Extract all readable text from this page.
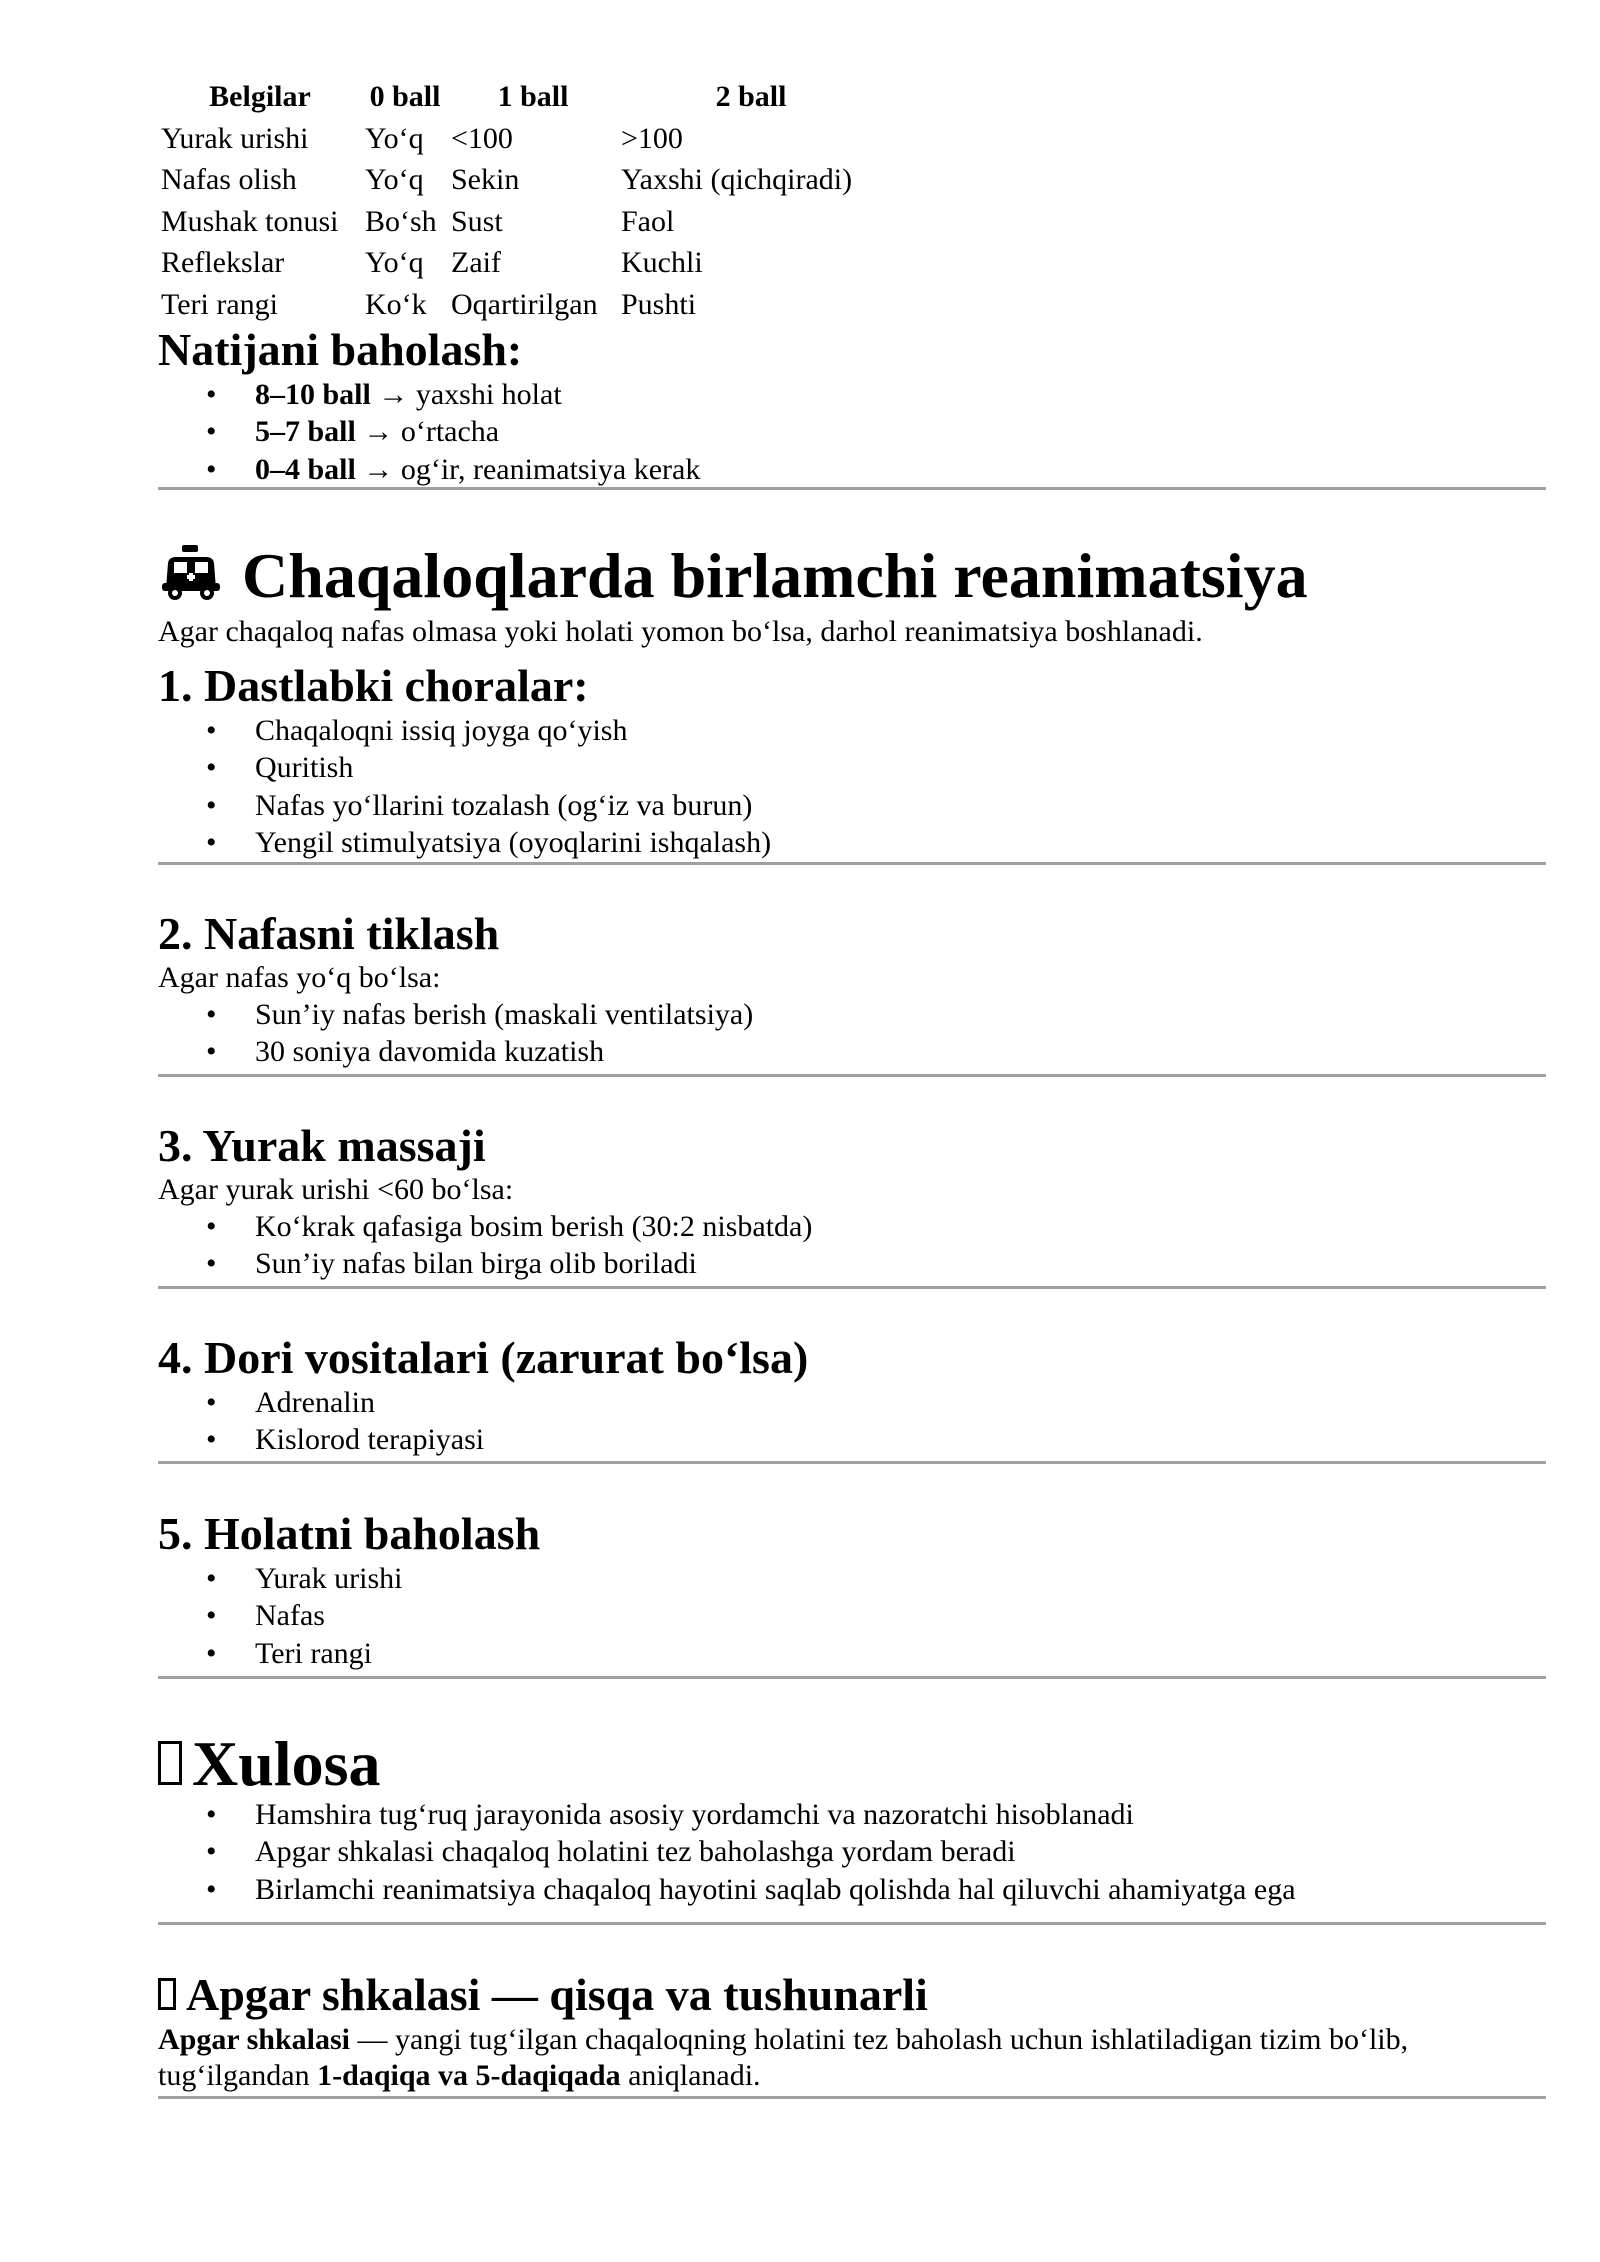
Belgilar	0 ball	1 ball	2 ball
Yurak urishi	Yo‘q	<100	>100
Nafas olish	Yo‘q	Sekin	Yaxshi (qichqiradi)
Mushak tonusi	Bo‘sh	Sust	Faol
Reflekslar	Yo‘q	Zaif	Kuchli
Teri rangi	Ko‘k	Oqartirilgan	Pushti
Natijani baholash:
• 8–10 ball → yaxshi holat
• 5–7 ball → o‘rtacha
• 0–4 ball → og‘ir, reanimatsiya kerak
Chaqaloqlarda birlamchi reanimatsiya

Agar chaqaloq nafas olmasa yoki holati yomon bo‘lsa, darhol reanimatsiya boshlanadi.

1. Dastlabki choralar:
• Chaqaloqni issiq joyga qo‘yish
• Quritish
• Nafas yo‘llarini tozalash (og‘iz va burun)
• Yengil stimulyatsiya (oyoqlarini ishqalash)
2. Nafasni tiklash

Agar nafas yo‘q bo‘lsa:

• Sun’iy nafas berish (maskali ventilatsiya)
• 30 soniya davomida kuzatish
3. Yurak massaji

Agar yurak urishi <60 bo‘lsa:

• Ko‘krak qafasiga bosim berish (30:2 nisbatda)
• Sun’iy nafas bilan birga olib boriladi
4. Dori vositalari (zarurat bo‘lsa)
• Adrenalin
• Kislorod terapiyasi
5. Holatni baholash
• Yurak urishi
• Nafas
• Teri rangi
Xulosa
• Hamshira tug‘ruq jarayonida asosiy yordamchi va nazoratchi hisoblanadi
• Apgar shkalasi chaqaloq holatini tez baholashga yordam beradi
• Birlamchi reanimatsiya chaqaloq hayotini saqlab qolishda hal qiluvchi ahamiyatga ega
Apgar shkalasi — qisqa va tushunarli

Apgar shkalasi — yangi tug‘ilgan chaqaloqning holatini tez baholash uchun ishlatiladigan tizim bo‘lib,
tug‘ilgandan 1-daqiqa va 5-daqiqada aniqlanadi.
